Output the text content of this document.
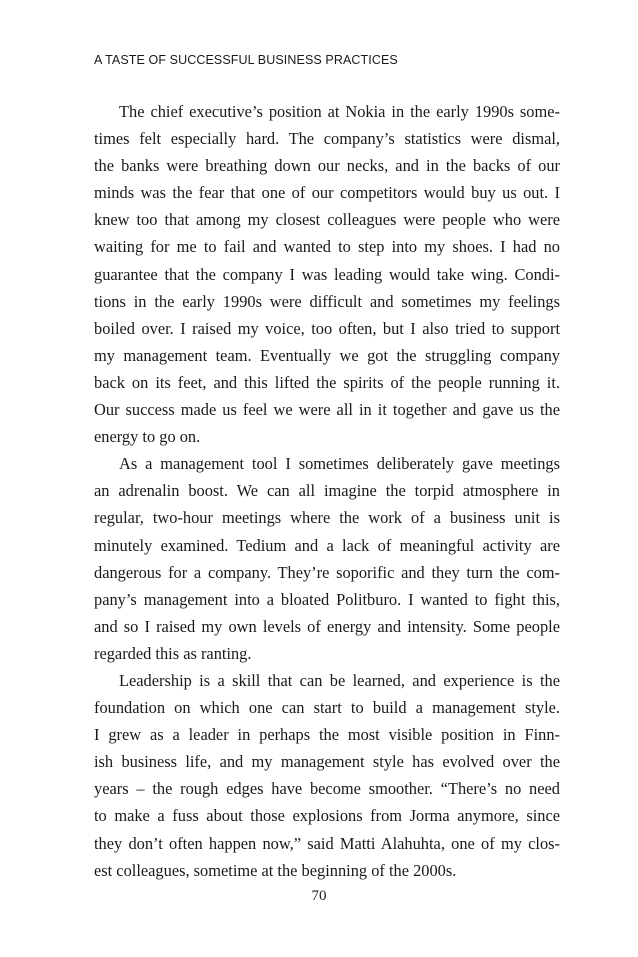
A TASTE OF SUCCESSFUL BUSINESS PRACTICES
The chief executive’s position at Nokia in the early 1990s some-
times felt especially hard. The company’s statistics were dismal,
the banks were breathing down our necks, and in the backs of our
minds was the fear that one of our competitors would buy us out. I
knew too that among my closest colleagues were people who were
waiting for me to fail and wanted to step into my shoes. I had no
guarantee that the company I was leading would take wing. Condi-
tions in the early 1990s were difficult and sometimes my feelings
boiled over. I raised my voice, too often, but I also tried to support
my management team. Eventually we got the struggling company
back on its feet, and this lifted the spirits of the people running it.
Our success made us feel we were all in it together and gave us the
energy to go on.
As a management tool I sometimes deliberately gave meetings
an adrenalin boost. We can all imagine the torpid atmosphere in
regular, two-hour meetings where the work of a business unit is
minutely examined. Tedium and a lack of meaningful activity are
dangerous for a company. They’re soporific and they turn the com-
pany’s management into a bloated Politburo. I wanted to fight this,
and so I raised my own levels of energy and intensity. Some people
regarded this as ranting.
Leadership is a skill that can be learned, and experience is the
foundation on which one can start to build a management style.
I grew as a leader in perhaps the most visible position in Finn-
ish business life, and my management style has evolved over the
years – the rough edges have become smoother. “There’s no need
to make a fuss about those explosions from Jorma anymore, since
they don’t often happen now,” said Matti Alahuhta, one of my clos-
est colleagues, sometime at the beginning of the 2000s.
70
